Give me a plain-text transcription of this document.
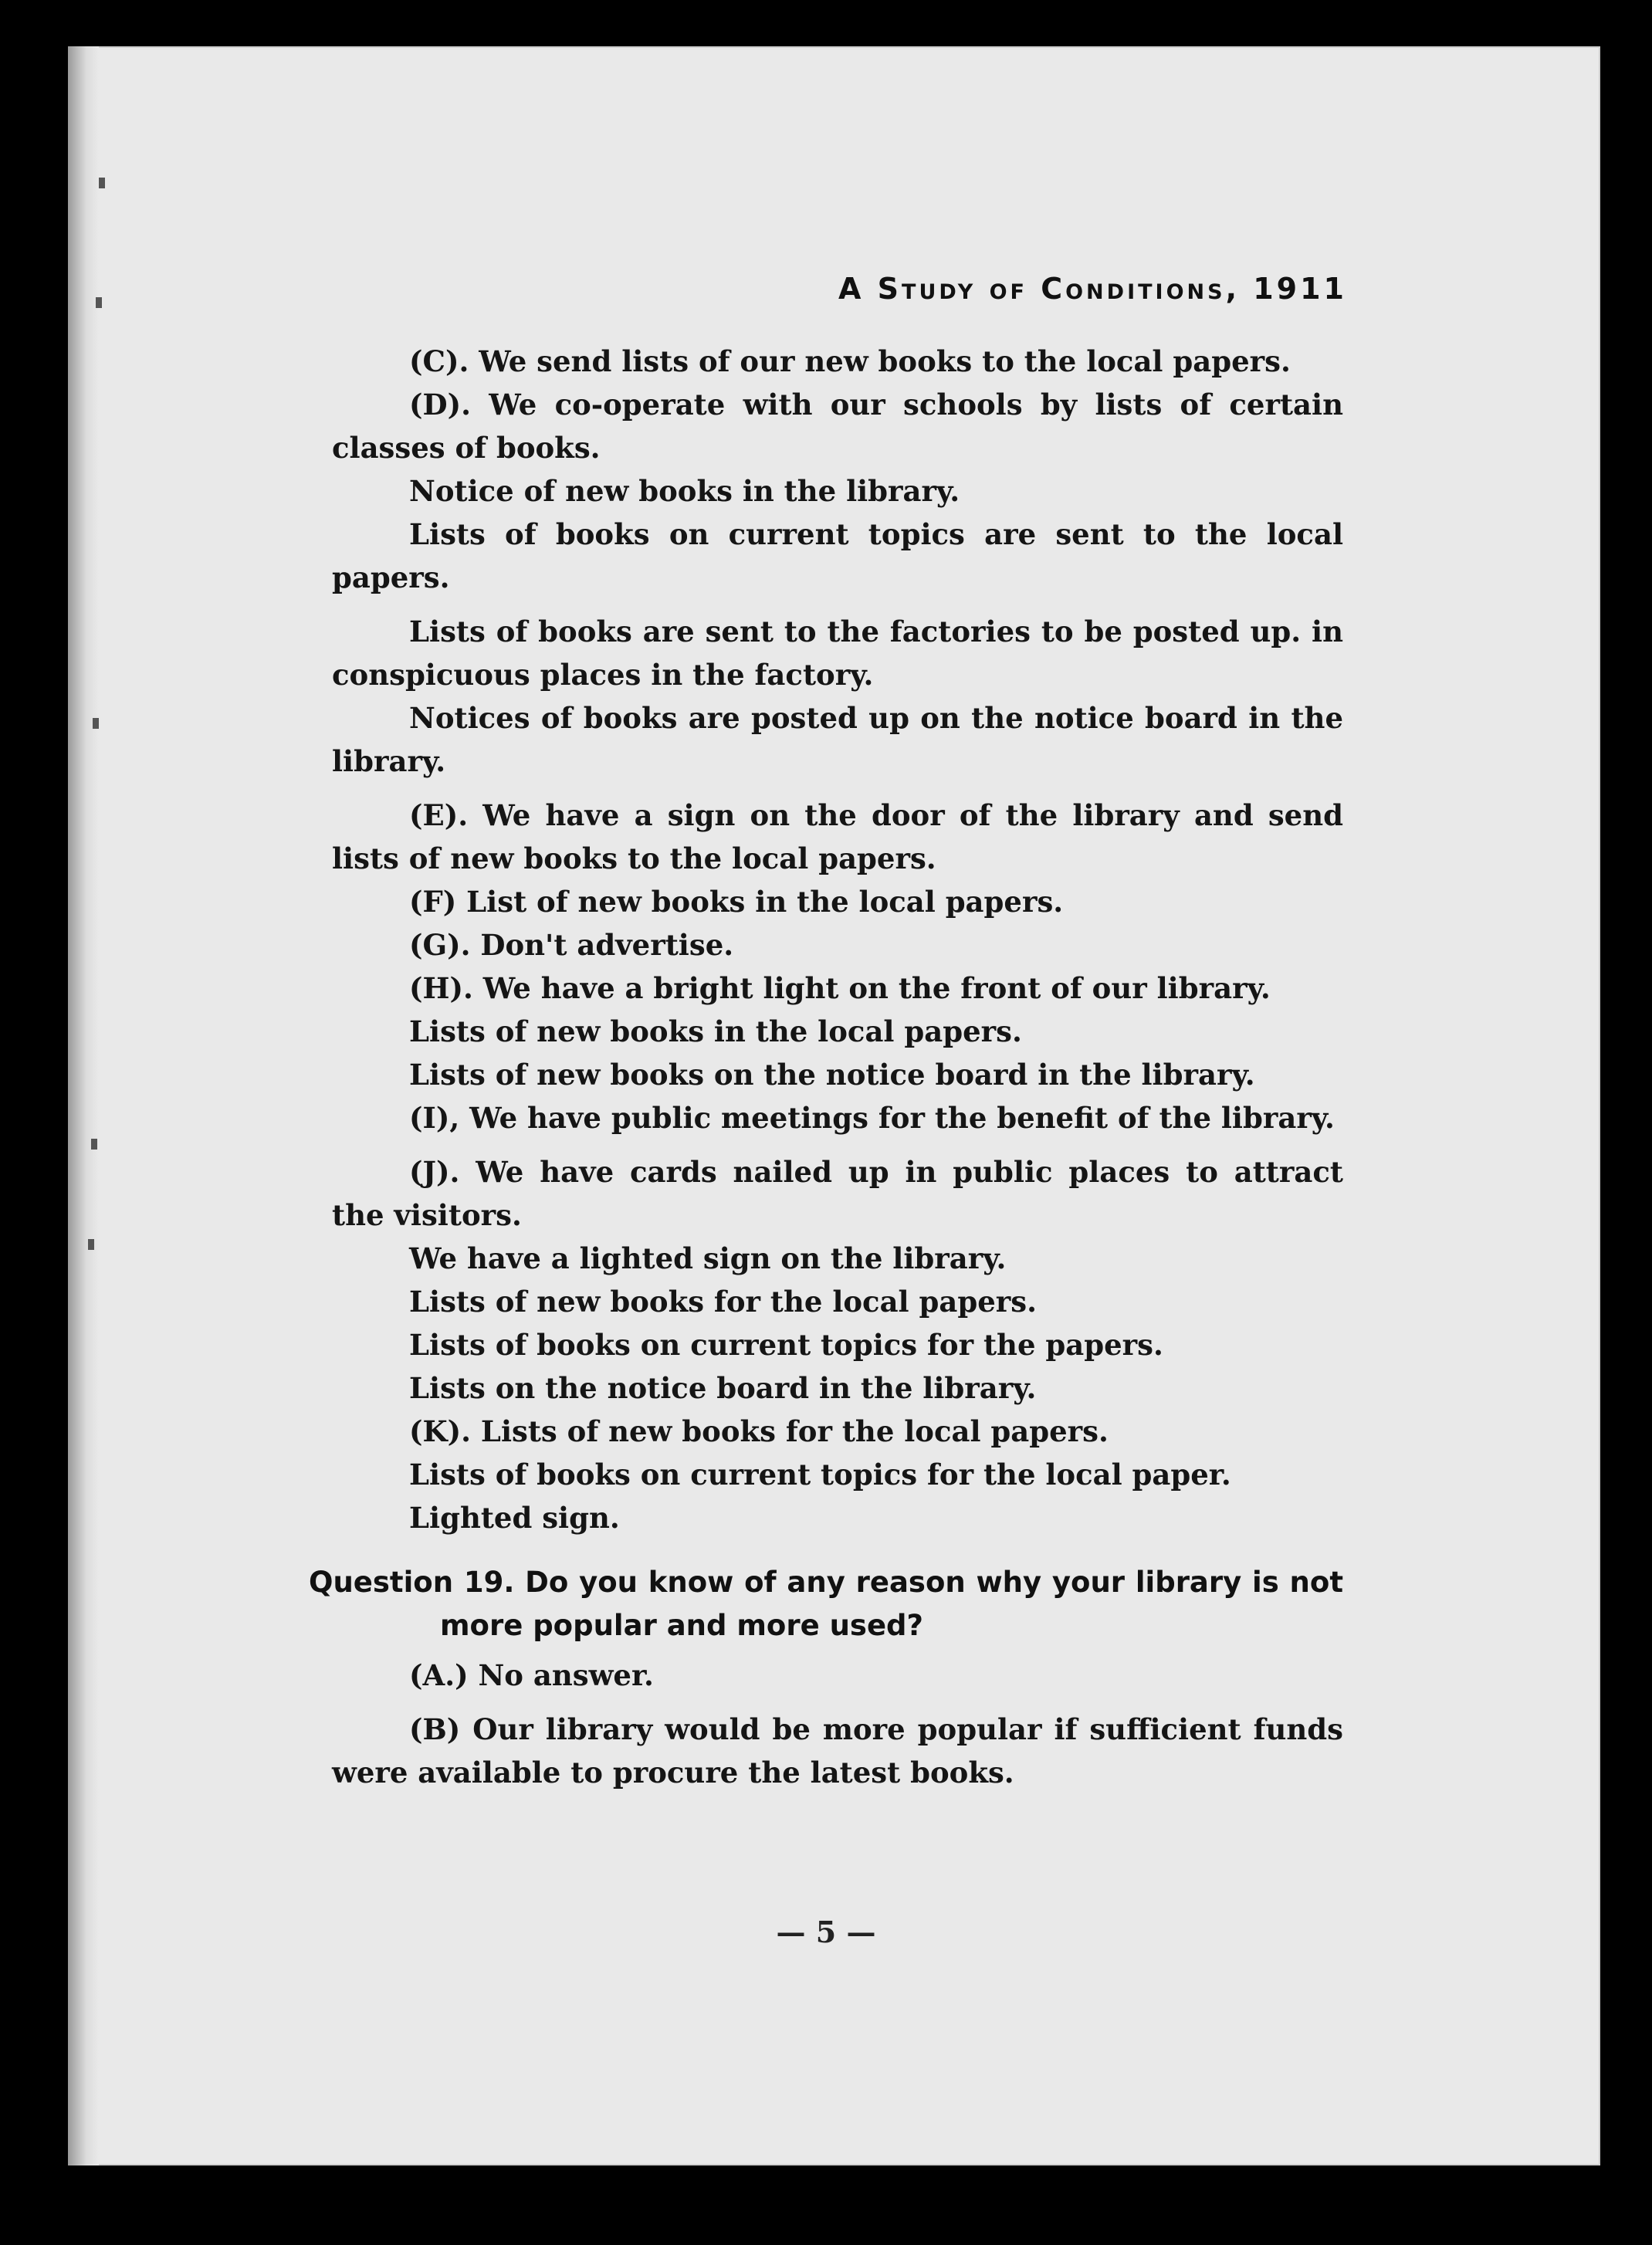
A Study of Conditions, 1911

(C). We send lists of our new books to the local papers.

(D). We co-operate with our schools by lists of certain classes of books.

Notice of new books in the library.

Lists of books on current topics are sent to the local papers.

Lists of books are sent to the factories to be posted up. in conspicuous places in the factory.

Notices of books are posted up on the notice board in the library.

(E). We have a sign on the door of the library and send lists of new books to the local papers.

(F) List of new books in the local papers.

(G). Don't advertise.

(H). We have a bright light on the front of our library.

Lists of new books in the local papers.

Lists of new books on the notice board in the library.

(I), We have public meetings for the benefit of the library.

(J). We have cards nailed up in public places to attract the visitors.

We have a lighted sign on the library.

Lists of new books for the local papers.

Lists of books on current topics for the papers.

Lists on the notice board in the library.

(K). Lists of new books for the local papers.

Lists of books on current topics for the local paper.

Lighted sign.

Question 19. Do you know of any reason why your library is not more popular and more used?

(A.) No answer.

(B) Our library would be more popular if sufficient funds were available to procure the latest books.

— 5 —
